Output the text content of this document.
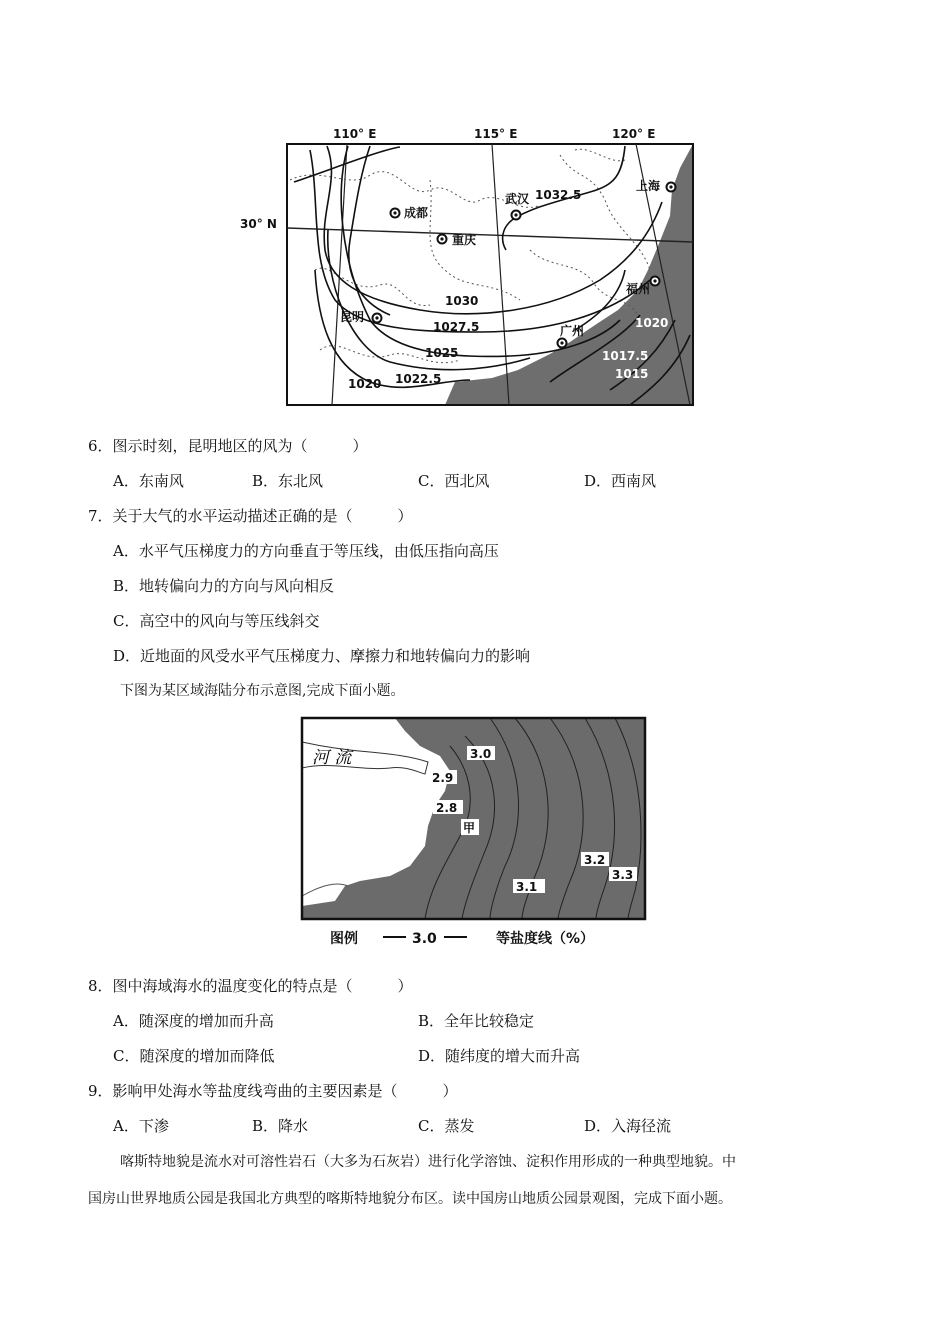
110° E	115° E	120° E
30° N
成都
重庆
武汉
上海
福州
昆明
广州
1032.5
1030
1027.5
1025
1022.5
1020
1020
1017.5
1015
6．图示时刻，昆明地区的风为（　　　）
A．东南风	B．东北风	C．西北风	D．西南风
7．关于大气的水平运动描述正确的是（　　　）
A．水平气压梯度力的方向垂直于等压线，由低压指向高压
B．地转偏向力的方向与风向相反
C．高空中的风向与等压线斜交
D．近地面的风受水平气压梯度力、摩擦力和地转偏向力的影响
下图为某区域海陆分布示意图,完成下面小题。
河 流	3.0
2.9
2.8
甲
3.2
3.3
3.1
图例	3.0	等盐度线（%）
8．图中海域海水的温度变化的特点是（　　　）
A．随深度的增加而升高	B．全年比较稳定
C．随深度的增加而降低	D．随纬度的增大而升高
9．影响甲处海水等盐度线弯曲的主要因素是（　　　）
A．下渗	B．降水	C．蒸发	D．入海径流
喀斯特地貌是流水对可溶性岩石（大多为石灰岩）进行化学溶蚀、淀积作用形成的一种典型地貌。中
国房山世界地质公园是我国北方典型的喀斯特地貌分布区。读中国房山地质公园景观图，完成下面小题。
